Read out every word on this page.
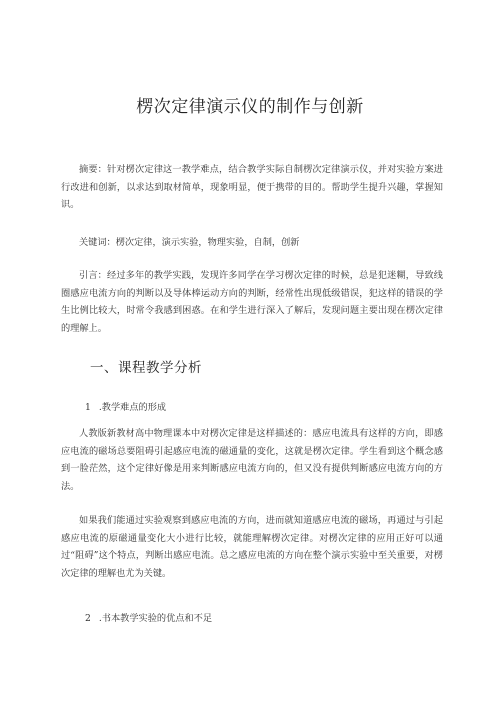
楞次定律演示仪的制作与创新

摘要：针对楞次定律这一教学难点，结合教学实际自制楞次定律演示仪，并对实验方案进行改进和创新，以求达到取材简单，现象明显，便于携带的目的。帮助学生提升兴趣，掌握知识。

关键词：楞次定律，演示实验，物理实验，自制，创新

引言：经过多年的教学实践，发现许多同学在学习楞次定律的时候，总是犯迷糊，导致线圈感应电流方向的判断以及导体棒运动方向的判断，经常性出现低级错误，犯这样的错误的学生比例比较大，时常令我感到困惑。在和学生进行深入了解后，发现问题主要出现在楞次定律的理解上。

一、课程教学分析
1 .教学难点的形成

人教版新教材高中物理课本中对楞次定律是这样描述的：感应电流具有这样的方向，即感应电流的磁场总要阻碍引起感应电流的磁通量的变化，这就是楞次定律。学生看到这个概念感到一脸茫然，这个定律好像是用来判断感应电流方向的，但又没有提供判断感应电流方向的方法。

如果我们能通过实验观察到感应电流的方向，进而就知道感应电流的磁场，再通过与引起感应电流的原磁通量变化大小进行比较，就能理解楞次定律。对楞次定律的应用正好可以通过“阻碍”这个特点，判断出感应电流。总之感应电流的方向在整个演示实验中至关重要，对楞次定律的理解也尤为关键。

2 .书本教学实验的优点和不足
